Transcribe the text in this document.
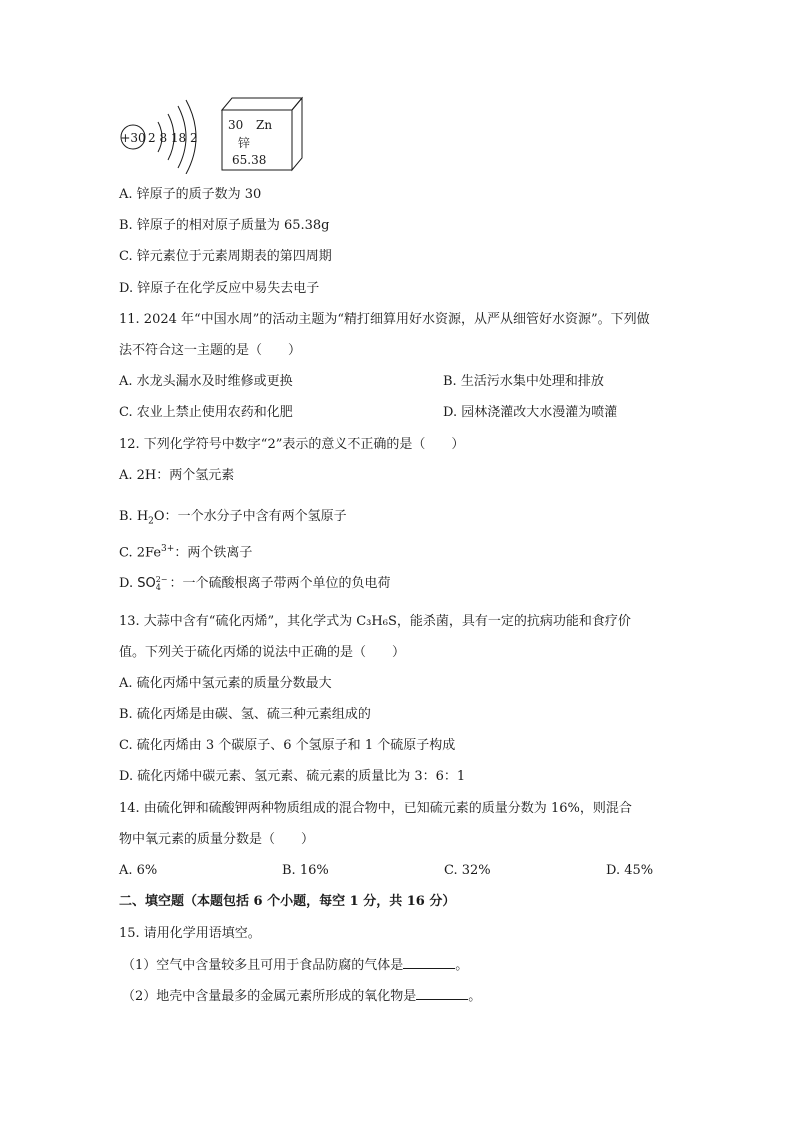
+30 2 8 18 2
30 Zn
锌
65.38
A. 锌原子的质子数为 30
B. 锌原子的相对原子质量为 65.38g
C. 锌元素位于元素周期表的第四周期
D. 锌原子在化学反应中易失去电子
11. 2024 年“中国水周”的活动主题为“精打细算用好水资源，从严从细管好水资源”。下列做
法不符合这一主题的是（　　）
A. 水龙头漏水及时维修或更换	B. 生活污水集中处理和排放
C. 农业上禁止使用农药和化肥	D. 园林浇灌改大水漫灌为喷灌
12. 下列化学符号中数字“2”表示的意义不正确的是（　　）
A. 2H：两个氢元素
B. $H_2O$：一个水分子中含有两个氢原子
C. $2Fe^{3+}$：两个铁离子
D. SO 2−
4 ：一个硫酸根离子带两个单位的负电荷
13. 大蒜中含有“硫化丙烯”，其化学式为 C₃H₆S，能杀菌，具有一定的抗病功能和食疗价
值。下列关于硫化丙烯的说法中正确的是（　　）
A. 硫化丙烯中氢元素的质量分数最大
B. 硫化丙烯是由碳、氢、硫三种元素组成的
C. 硫化丙烯由 3 个碳原子、6 个氢原子和 1 个硫原子构成
D. 硫化丙烯中碳元素、氢元素、硫元素的质量比为 3：6：1
14. 由硫化钾和硫酸钾两种物质组成的混合物中，已知硫元素的质量分数为 16%，则混合
物中氧元素的质量分数是（　　）
A. 6%	B. 16%	C. 32%	D. 45%
二、填空题（本题包括 6 个小题，每空 1 分，共 16 分）
15. 请用化学用语填空。
（1）空气中含量较多且可用于食品防腐的气体是	。
（2）地壳中含量最多的金属元素所形成的氧化物是	。
